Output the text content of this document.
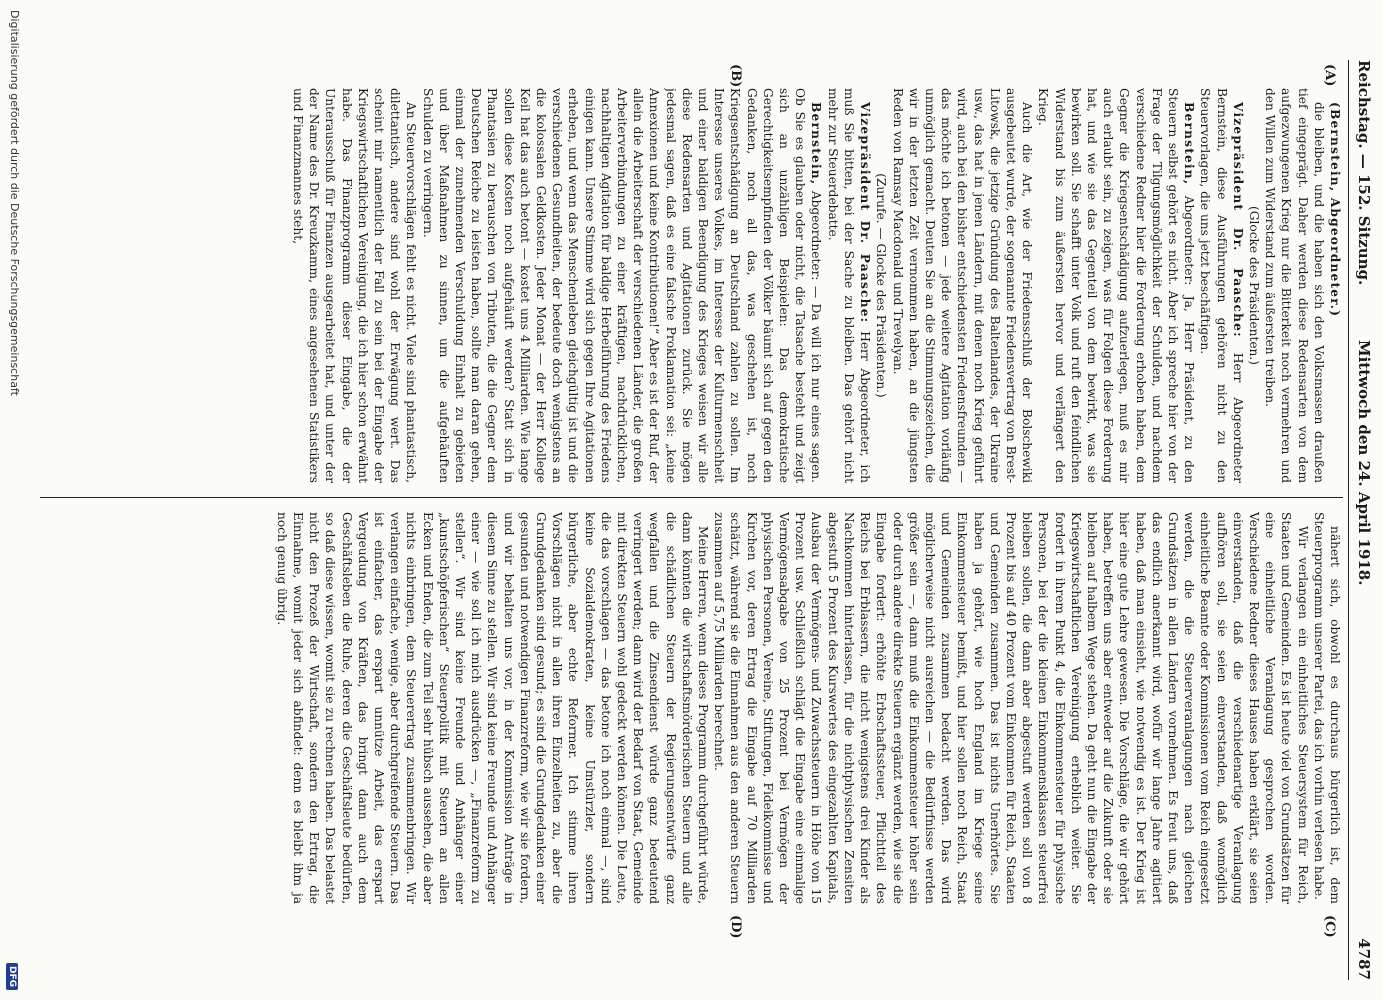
Reichstag. — 152. Sitzung.
Mittwoch den 24. April 1918.
4787
(A)
(B)
(C)
(D)

(Bernstein, Abgeordneter.)

die bleiben, und die haben sich den Volksmassen draußen tief eingeprägt. Daher werden diese Redensarten von dem aufgezwungenen Krieg nur die Bitterkeit noch vermehren und den Willen zum Widerstand zum äußersten treiben.

(Glocke des Präsidenten.)

Vizepräsident Dr. Paasche: Herr Abgeordneter Bernstein, diese Ausführungen gehören nicht zu den Steuervorlagen, die uns jetzt beschäftigen.

Bernstein, Abgeordneter: Ja, Herr Präsident, zu den Steuern selbst gehört es nicht. Aber ich spreche hier von der Frage der Tilgungsmöglichkeit der Schulden, und nachdem verschiedene Redner hier die Forderung erhoben haben, dem Gegner die Kriegsentschädigung aufzuerlegen, muß es mir auch erlaubt sein, zu zeigen, was für Folgen diese Forderung hat, und wie sie das Gegenteil von dem bewirkt, was sie bewirken soll. Sie schafft unter Volk und ruft den feindlichen Widerstand bis zum äußersten hervor und verlängert den Krieg.

Auch die Art, wie der Friedensschluß der Bolschewiki ausgebeutet wurde, der sogenannte Friedensvertrag von Brest-Litowsk, die jetzige Gründung des Baltenlandes, der Ukraine usw., das hat in jenen Ländern, mit denen noch Krieg geführt wird, auch bei den bisher entschiedensten Friedensfreunden — das möchte ich betonen — jede weitere Agitation vorläufig unmöglich gemacht. Deuten Sie an die Stimmungszeichen, die wir in der letzten Zeit vernommen haben, an die jüngsten Reden von Ramsay Macdonald und Trevelyan.

(Zurufe. — Glocke des Präsidenten.)

Vizepräsident Dr. Paasche: Herr Abgeordneter, ich muß Sie bitten, bei der Sache zu bleiben. Das gehört nicht mehr zur Steuerdebatte.

Bernstein, Abgeordneter: — Da will ich nur eines sagen. Ob Sie es glauben oder nicht, die Tatsache besteht und zeigt sich an unzähligen Beispielen: Das demokratische Gerechtigkeitsempfinden der Völker bäumt sich auf gegen den Gedanken, noch all das, was geschehen ist, noch Kriegsentschädigung an Deutschland zahlen zu sollen. Im Interesse unseres Volkes, im Interesse der Kulturmenschheit und einer baldigen Beendigung des Krieges weisen wir alle diese Redensarten und Agitationen zurück. Sie mögen jedesmal sagen, daß es eine falsche Proklamation sei: „keine Annexionen und keine Kontributionen!“ Aber es ist der Ruf, der allein die Arbeiterschaft der verschiedenen Länder, die großen Arbeiterverbindungen zu einer kräftigen, nachdrücklichen, nachhaltigen Agitation für baldige Herbeiführung des Friedens einigen kann. Unsere Stimme wird sich gegen Ihre Agitationen erheben, und wenn das Menschenleben gleichgültig ist und die verschiedenen Gesundheiten, der bedeute doch wenigstens an die kolossalen Geldkosten. Jeder Monat — der Herr Kollege Keil hat das auch betont — kostet uns 4 Milliarden. Wie lange sollen diese Kosten noch aufgehäuft werden? Statt sich in Phantasien zu berauschen von Tributen, die die Gegner dem Deutschen Reiche zu leisten haben, sollte man daran gehen, einmal der zunehmenden Verschuldung Einhalt zu gebieten und über Maßnahmen zu sinnen, um die aufgehäuften Schulden zu verringern.

An Steuervorschlägen fehlt es nicht. Viele sind phantastisch, dilettantisch, andere sind wohl der Erwägung wert. Das scheint mir namentlich der Fall zu sein bei der Eingabe der Kriegswirtschaftlichen Vereinigung, die ich hier schon erwähnt habe. Das Finanzprogramm dieser Eingabe, die der Unterausschuß für Finanzen ausgearbeitet hat, und unter der der Name des Dr. Kreuzkamm, eines angesehenen Statistikers und Finanzmannes steht,

nähert sich, obwohl es durchaus bürgerlich ist, dem Steuerprogramm unserer Partei, das ich vorhin verlesen habe.

Wir verlangen ein einheitliches Steuersystem für Reich, Staaten und Gemeinden. Es ist heute viel von Grundsätzen für eine einheitliche Veranlagung gesprochen worden. Verschiedene Redner dieses Hauses haben erklärt, sie seien einverstanden, daß die verschiedenartige Veranlagung aufhören soll, sie seien einverstanden, daß womöglich einheitliche Beamte oder Kommissionen vom Reich eingesetzt werden, die die Steuerveranlagungen nach gleichen Grundsätzen in allen Ländern vornehmen. Es freut uns, daß das endlich anerkannt wird, wofür wir lange Jahre agitiert haben, daß man einsieht, wie notwendig es ist. Der Krieg ist hier eine gute Lehre gewesen. Die Vorschläge, die wir gehört haben, betreffen uns aber entweder auf die Zukunft oder sie bleiben auf halbem Wege stehen. Da geht nun die Eingabe der Kriegswirtschaftlichen Vereinigung erheblich weiter. Sie fordert in ihrem Punkt 4, die Einkommensteuer für physische Personen, bei der die kleinen Einkommensklassen steuerfrei bleiben sollen, die dann aber abgestuft werden soll von 8 Prozent bis auf 40 Prozent vom Einkommen für Reich, Staaten und Gemeinden zusammen. Das ist nichts Unerhörtes. Sie haben ja gehört, wie hoch England im Kriege seine Einkommensteuer bemißt, und hier sollen noch Reich, Staat und Gemeinden zusammen bedacht werden. Das wird möglicherweise nicht ausreichen — die Bedürfnisse werden größer sein —, dann muß die Einkommensteuer höher sein oder durch andere direkte Steuern ergänzt werden, wie sie die Eingabe fordert: erhöhte Erbschaftssteuer, Pflichtteil des Reichs bei Erblassern, die nicht wenigstens drei Kinder als Nachkommen hinterlassen, für die nichtphysischen Zensiten abgestuft 5 Prozent des Kurswertes des eingezahlten Kapitals, Ausbau der Vermögens- und Zuwachssteuern in Höhe von 15 Prozent usw. Schließlich schlägt die Eingabe eine einmalige Vermögensabgabe von 25 Prozent bei Vermögen der physischen Personen, Vereine, Stiftungen, Fideikommisse und Kirchen vor, deren Ertrag die Eingabe auf 70 Milliarden schätzt, während sie die Einnahmen aus den anderen Steuern zusammen auf 5,75 Milliarden berechnet.

Meine Herren, wenn dieses Programm durchgeführt würde, dann könnten die wirtschaftsmörderischen Steuern und alle die schädlichen Steuern der Regierungsentwürfe ganz wegfallen und die Zinsendienst würde ganz bedeutend verringert werden; dann wird der Bedarf von Staat, Gemeinde mit direkten Steuern wohl gedeckt werden können. Die Leute, die das vorschlagen — das betone ich noch einmal —, sind keine Sozialdemokraten, keine Umstürzler, sondern bürgerliche, aber echte Reformer. Ich stimme ihren Vorschlägen nicht in allen ihren Einzelheiten zu, aber die Grundgedanken sind gesund; es sind die Grundgedanken einer gesunden und notwendigen Finanzreform, wie wir sie fordern, und wir behalten uns vor, in der Kommission Anträge in diesem Sinne zu stellen. Wir sind keine Freunde und Anhänger einer — wie soll ich mich ausdrücken —, „Finanzreform zu stellen“. Wir sind keine Freunde und Anhänger einer „kunstschöpferischen“ Steuerpolitik mit Steuern an allen Ecken und Enden, die zum Teil sehr hübsch aussehen, die aber nichts einbringen, dem Steuerertrag zusammenbringen. Wir verlangen einfache, wenige, aber durchgreifende Steuern. Das ist einfacher, das erspart unnütze Arbeit, das erspart Vergeudung von Kräften, das bringt dann auch dem Geschäftsleben die Ruhe, deren die Geschäftsleute bedürfen, so daß diese wissen, womit sie zu rechnen haben. Das belastet nicht den Prozeß der Wirtschaft, sondern den Ertrag, die Einnahme, womit jeder sich abfindet: denn es bleibt ihm ja noch genug übrig.

Digitalisierung gefördert durch die Deutsche Forschungsgemeinschaft
DFG
